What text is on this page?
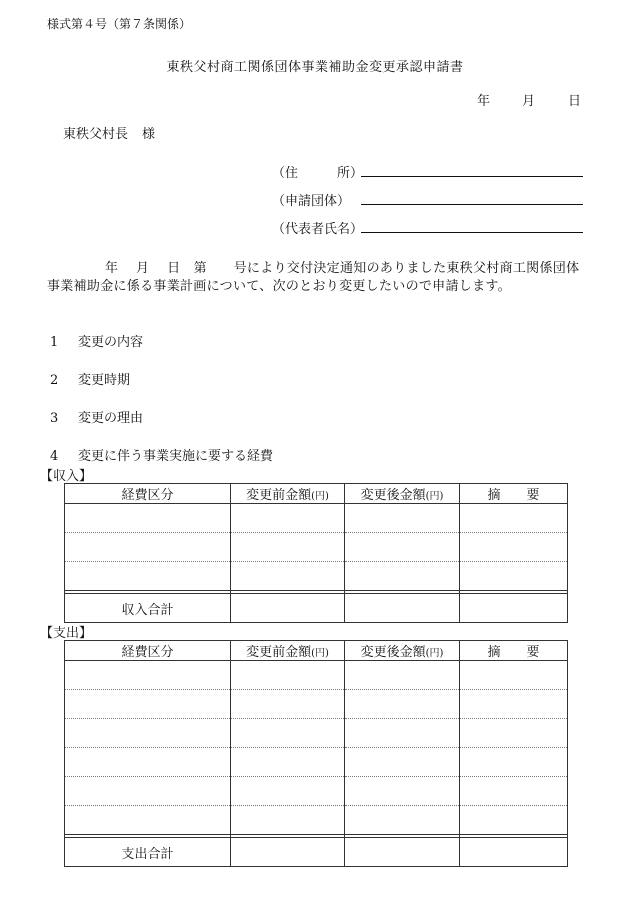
様式第４号（第７条関係）
東秩父村商工関係団体事業補助金変更承認申請書
年 月	日
東秩父村長 様
（住　　　所）
（申請団体）
（代表者氏名）
年　 月　 日　第　　号により交付決定通知のありました東秩父村商工関係団体事業補助金に係る事業計画について、次のとおり変更したいので申請します。
1 変更の内容
2 変更時期
3 変更の理由
4 変更に伴う事業実施に要する経費
【収入】
経費区分	変更前金額(円)	変更後金額(円)	摘　　要

収入合計			
【支出】
経費区分	変更前金額(円)	変更後金額(円)	摘　　要

支出合計			
